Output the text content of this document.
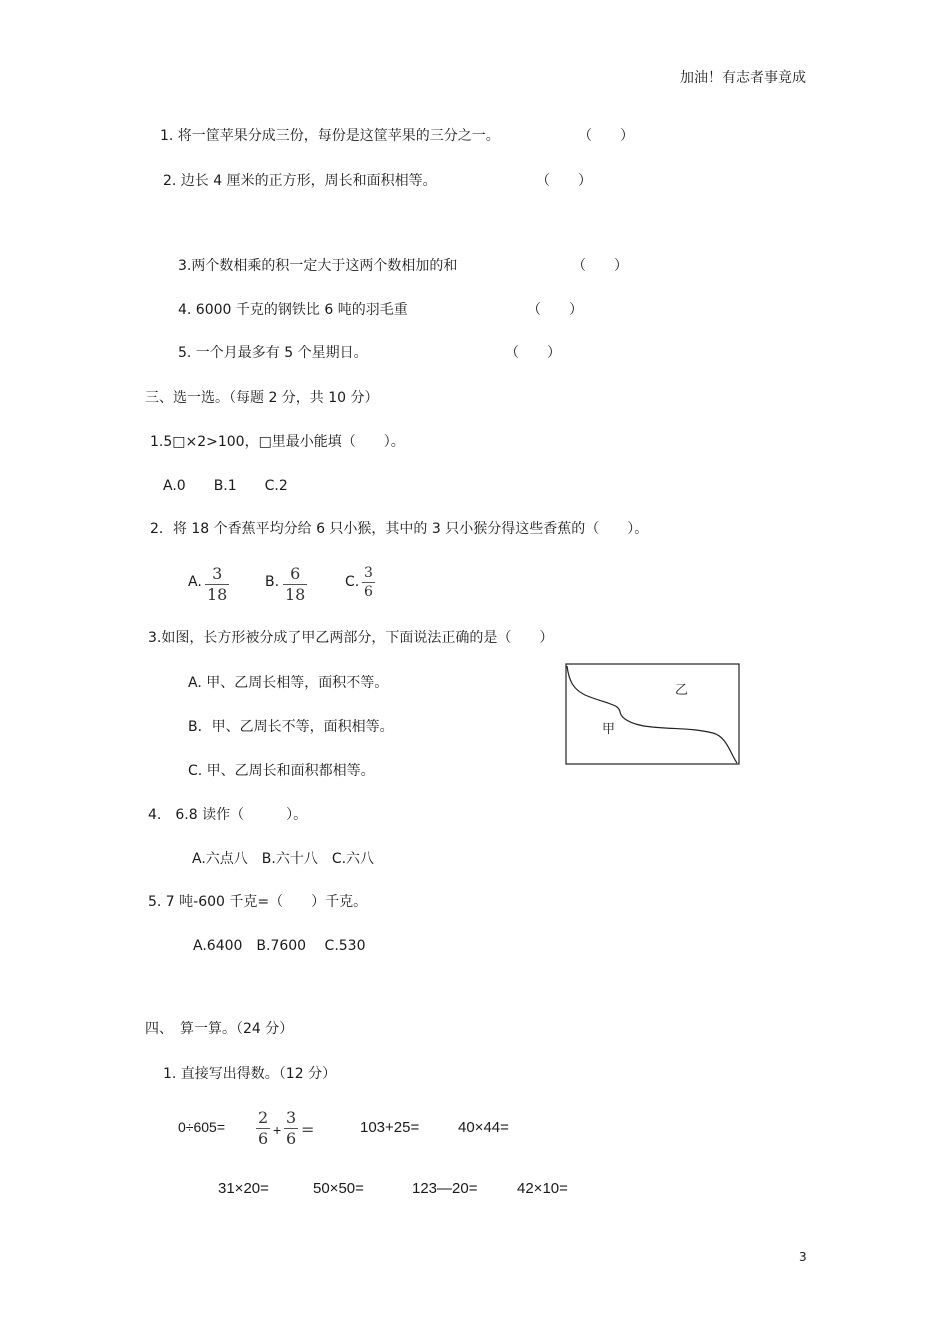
加油！有志者事竟成
1. 将一筐苹果分成三份，每份是这筐苹果的三分之一。	（　　）
2. 边长 4 厘米的正方形，周长和面积相等。	（　　）
3.两个数相乘的积一定大于这两个数相加的和	（　　）
4. 6000 千克的钢铁比 6 吨的羽毛重	（　　）
5. 一个月最多有 5 个星期日。	（　　）
三、选一选。（每题 2 分，共 10 分）
1.5□×2>100，□里最小能填（　　）。
A.0　　B.1　　C.2
2．将 18 个香蕉平均分给 6 只小猴，其中的 3 只小猴分得这些香蕉的（　　）。
A. 3
18
B. 6
18
C.
3
6
3.如图，长方形被分成了甲乙两部分，下面说法正确的是（　　）
A. 甲、乙周长相等，面积不等。
B．甲、乙周长不等，面积相等。
C. 甲、乙周长和面积都相等。
乙
甲
4.　6.8 读作（　　　）。
A.六点八　B.六十八　C.六八
5. 7 吨-600 千克=（　　）千克。
A.6400　B.7600　 C.530
四、　算一算。（24 分）
1. 直接写出得数。（12 分）
0÷605= 2
6 +
3
6 =	103+25=	40×44=
31×20=	50×50=	123—20=	42×10=
3
